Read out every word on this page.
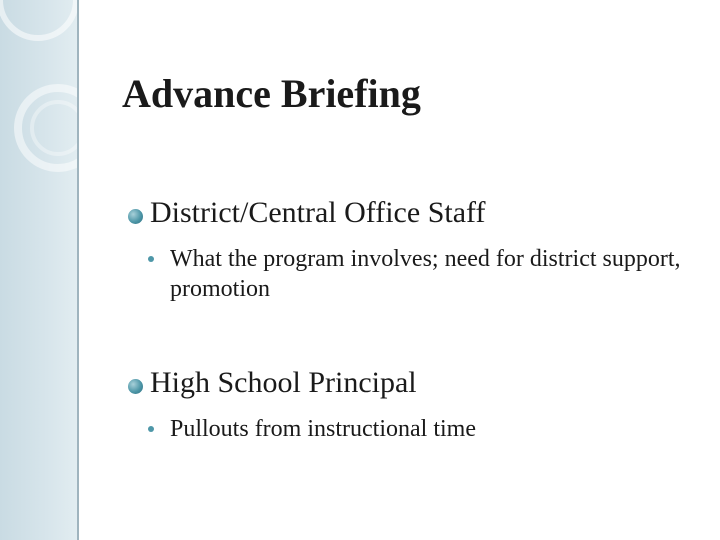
Advance Briefing
District/Central Office Staff
What the program involves; need for district support, promotion
High School Principal
Pullouts from instructional time
